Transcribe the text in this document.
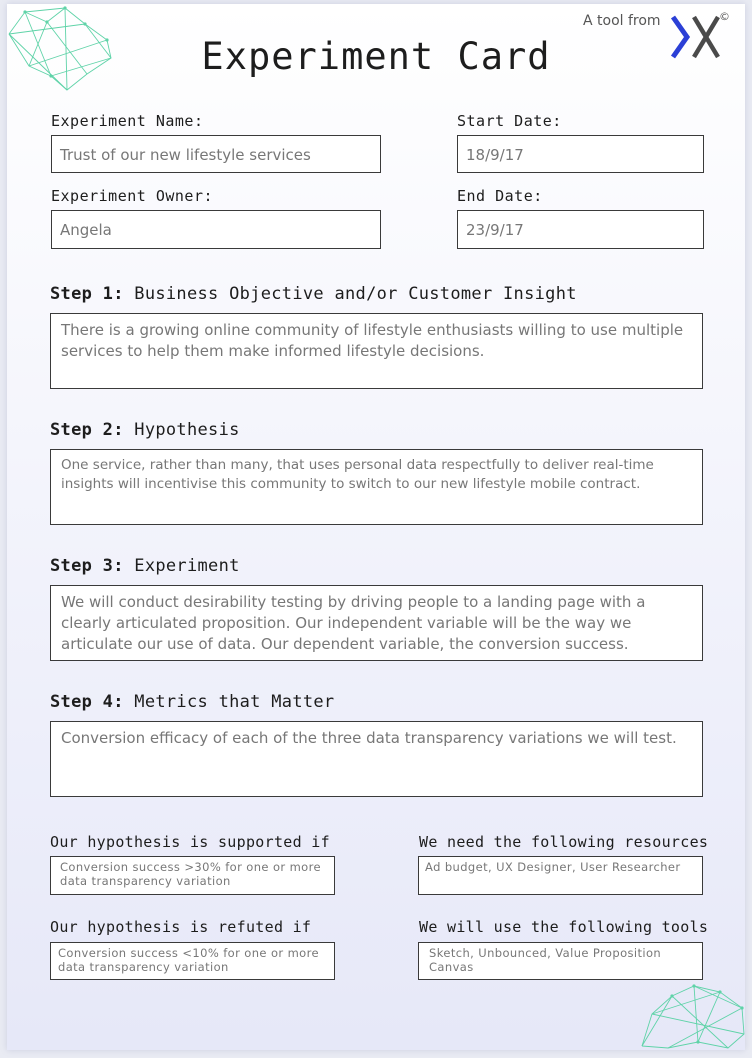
A tool from	©
Experiment Card
Experiment Name:
Trust of our new lifestyle services
Start Date:
18/9/17
Experiment Owner:
Angela
End Date:
23/9/17
Step 1: Business Objective and/or Customer Insight
There is a growing online community of lifestyle enthusiasts willing to use multiple services to help them make informed lifestyle decisions.
Step 2: Hypothesis
One service, rather than many, that uses personal data respectfully to deliver real-time insights will incentivise this community to switch to our new lifestyle mobile contract.
Step 3: Experiment
We will conduct desirability testing by driving people to a landing page with a clearly articulated proposition. Our independent variable will be the way we articulate our use of data. Our dependent variable, the conversion success.
Step 4: Metrics that Matter
Conversion efficacy of each of the three data transparency variations we will test.
Our hypothesis is supported if
Conversion success >30% for one or more data transparency variation
We need the following resources
Ad budget, UX Designer, User Researcher
Our hypothesis is refuted if
Conversion success <10% for one or more data transparency variation
We will use the following tools
Sketch, Unbounced, Value Proposition Canvas
